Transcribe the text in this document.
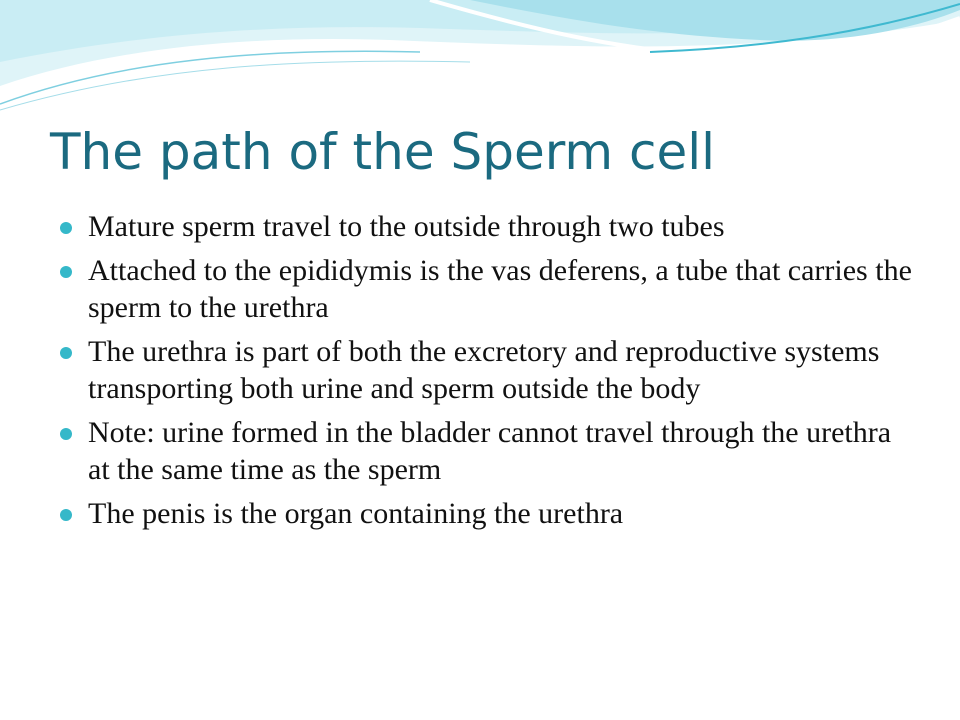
The path of the Sperm cell
Mature sperm travel to the outside through two tubes
Attached to the epididymis is the vas deferens, a tube that carries the sperm to the urethra
The urethra is part of both the excretory and reproductive systems transporting both urine and sperm outside the body
Note: urine formed in the bladder cannot travel through the urethra at the same time as the sperm
The penis is the organ containing the urethra
